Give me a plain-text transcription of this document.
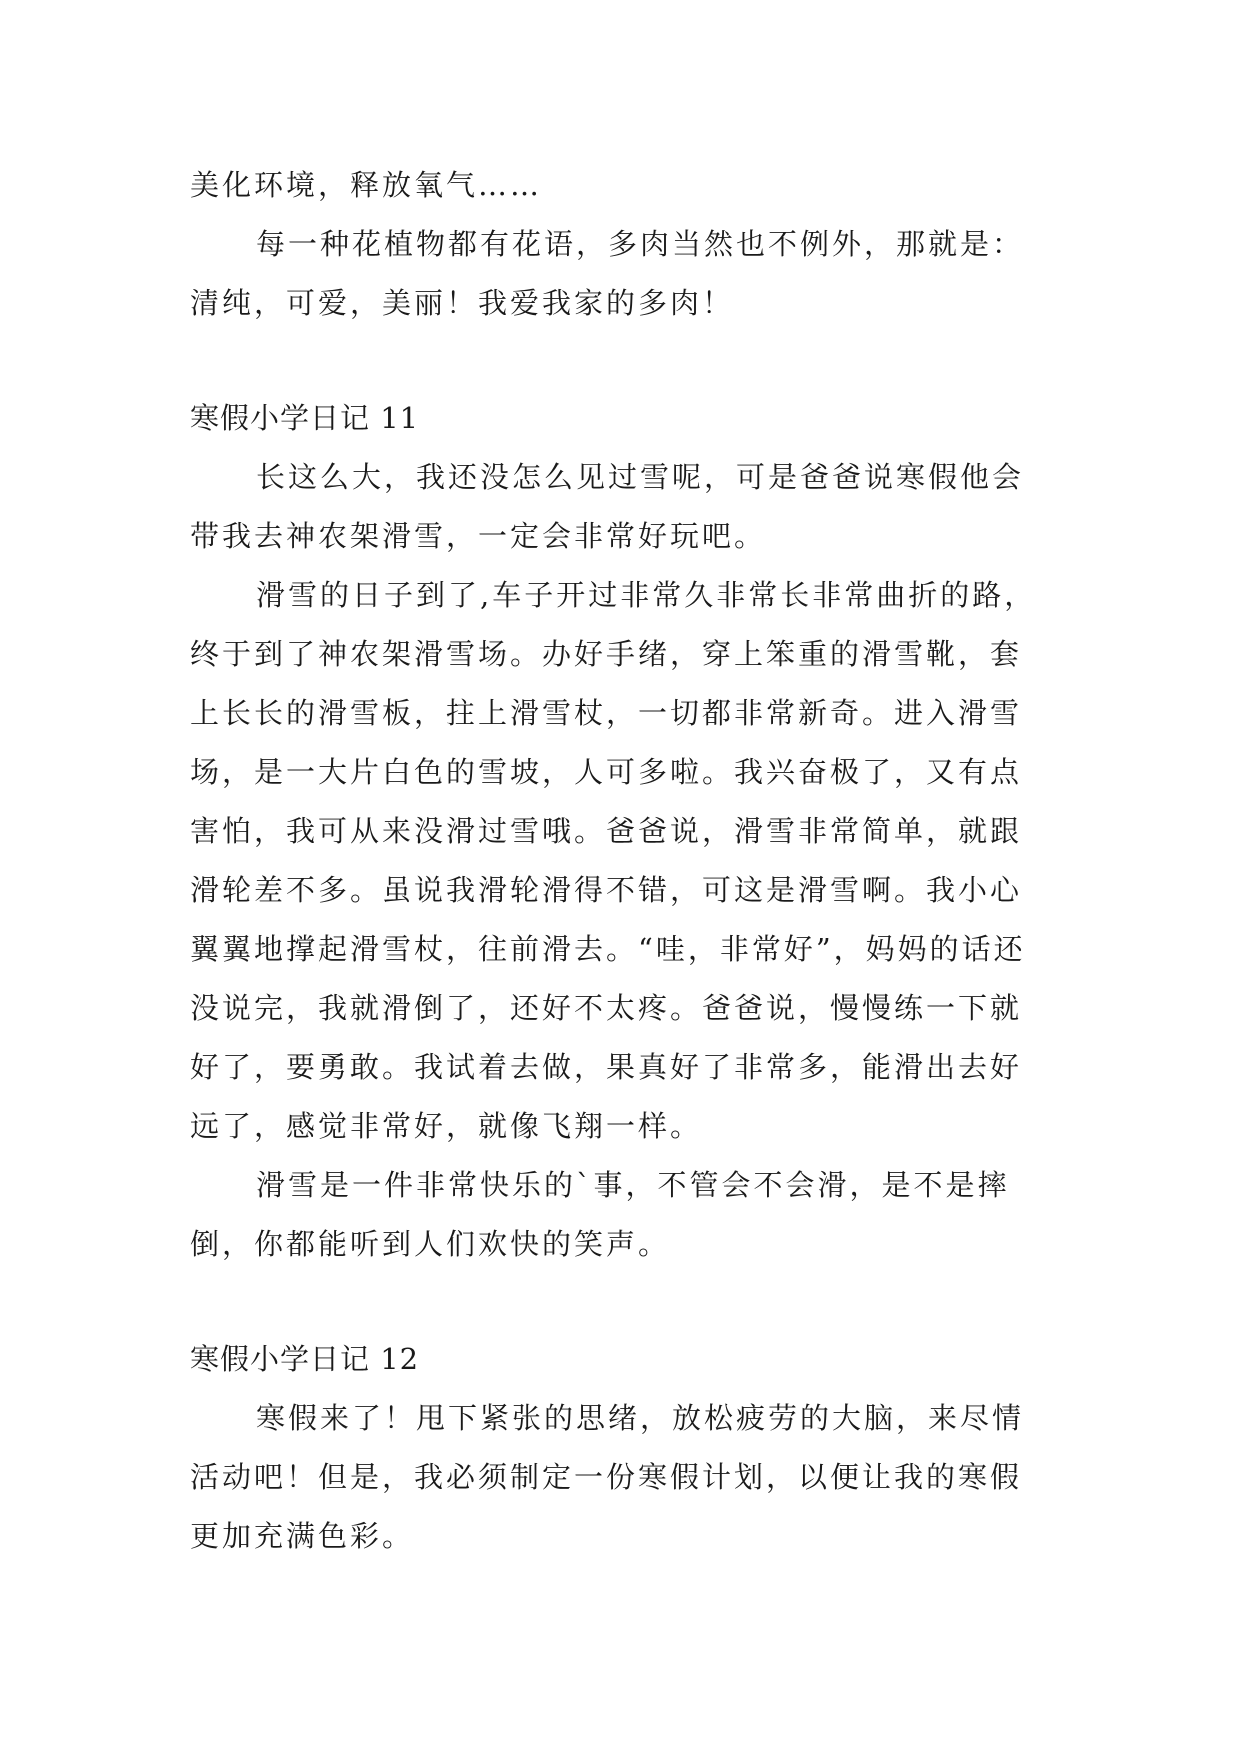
美化环境，释放氧气……
每一种花植物都有花语，多肉当然也不例外，那就是：
清纯，可爱，美丽！我爱我家的多肉！
寒假小学日记 11
长这么大，我还没怎么见过雪呢，可是爸爸说寒假他会
带我去神农架滑雪，一定会非常好玩吧。
滑雪的日子到了,车子开过非常久非常长非常曲折的路，
终于到了神农架滑雪场。办好手绪，穿上笨重的滑雪靴，套
上长长的滑雪板，拄上滑雪杖，一切都非常新奇。进入滑雪
场，是一大片白色的雪坡，人可多啦。我兴奋极了，又有点
害怕，我可从来没滑过雪哦。爸爸说，滑雪非常简单，就跟
滑轮差不多。虽说我滑轮滑得不错，可这是滑雪啊。我小心
翼翼地撑起滑雪杖，往前滑去。“哇，非常好”，妈妈的话还
没说完，我就滑倒了，还好不太疼。爸爸说，慢慢练一下就
好了，要勇敢。我试着去做，果真好了非常多，能滑出去好
远了，感觉非常好，就像飞翔一样。
滑雪是一件非常快乐的`事，不管会不会滑，是不是摔
倒，你都能听到人们欢快的笑声。
寒假小学日记 12
寒假来了！甩下紧张的思绪，放松疲劳的大脑，来尽情
活动吧！但是，我必须制定一份寒假计划，以便让我的寒假
更加充满色彩。
